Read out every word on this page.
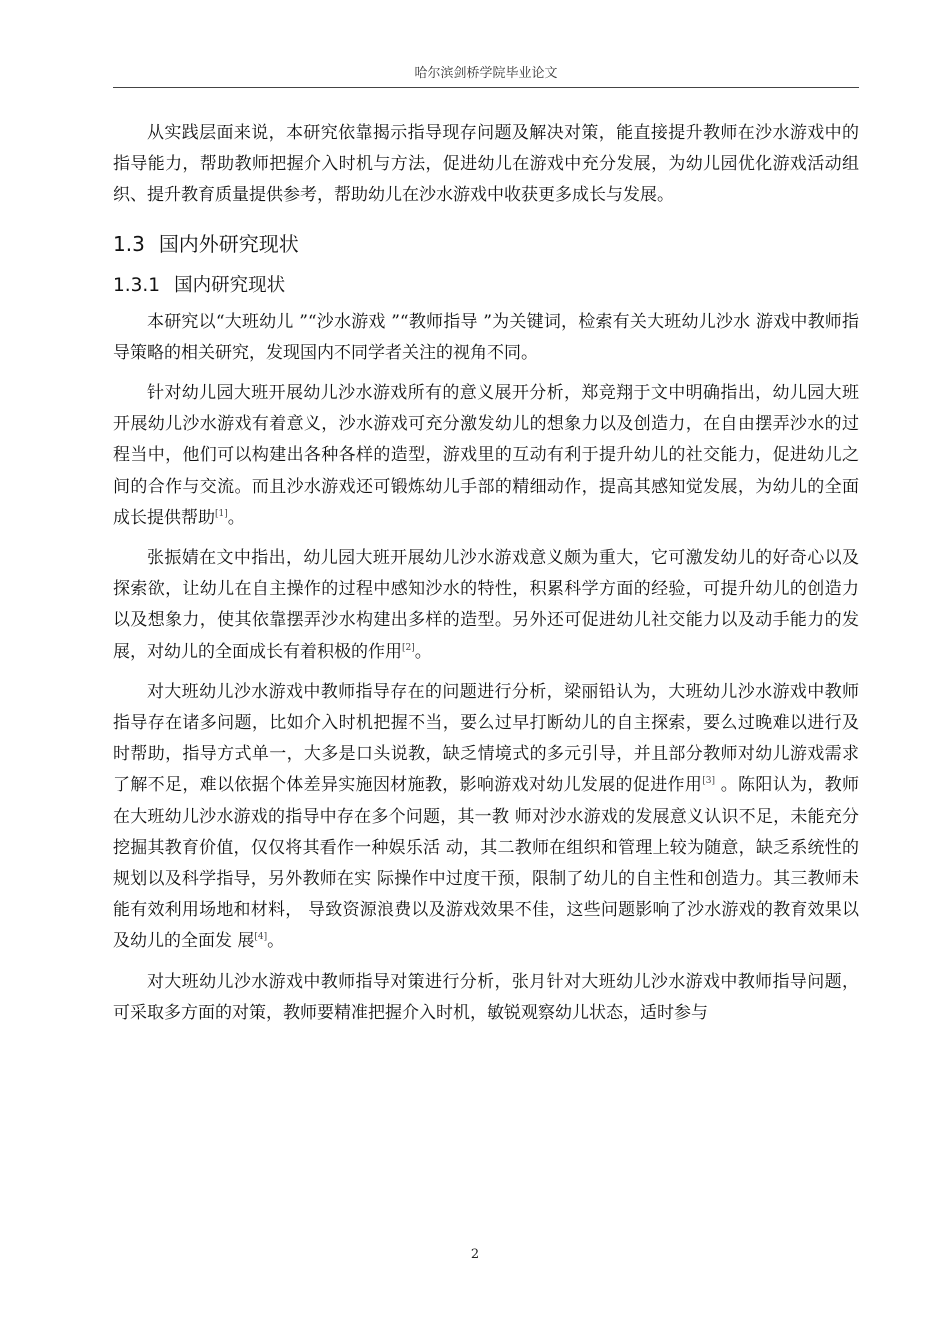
哈尔滨剑桥学院毕业论文

从实践层面来说，本研究依靠揭示指导现存问题及解决对策，能直接提升教师在沙水游戏中的指导能力，帮助教师把握介入时机与方法，促进幼儿在游戏中充分发展，为幼儿园优化游戏活动组织、提升教育质量提供参考，帮助幼儿在沙水游戏中收获更多成长与发展。

1.3 国内外研究现状
1.3.1 国内研究现状

本研究以“大班幼儿 ”“沙水游戏 ”“教师指导 ”为关键词，检索有关大班幼儿沙水 游戏中教师指导策略的相关研究，发现国内不同学者关注的视角不同。

针对幼儿园大班开展幼儿沙水游戏所有的意义展开分析，郑竞翔于文中明确指出，幼儿园大班开展幼儿沙水游戏有着意义，沙水游戏可充分激发幼儿的想象力以及创造力，在自由摆弄沙水的过程当中，他们可以构建出各种各样的造型，游戏里的互动有利于提升幼儿的社交能力，促进幼儿之间的合作与交流。而且沙水游戏还可锻炼幼儿手部的精细动作，提高其感知觉发展，为幼儿的全面成长提供帮助[1]。

张振婧在文中指出，幼儿园大班开展幼儿沙水游戏意义颇为重大，它可激发幼儿的好奇心以及探索欲，让幼儿在自主操作的过程中感知沙水的特性，积累科学方面的经验，可提升幼儿的创造力以及想象力，使其依靠摆弄沙水构建出多样的造型。另外还可促进幼儿社交能力以及动手能力的发展，对幼儿的全面成长有着积极的作用[2]。

对大班幼儿沙水游戏中教师指导存在的问题进行分析，梁丽铅认为，大班幼儿沙水游戏中教师指导存在诸多问题，比如介入时机把握不当，要么过早打断幼儿的自主探索，要么过晚难以进行及时帮助，指导方式单一，大多是口头说教，缺乏情境式的多元引导，并且部分教师对幼儿游戏需求了解不足，难以依据个体差异实施因材施教，影响游戏对幼儿发展的促进作用[3] 。陈阳认为，教师在大班幼儿沙水游戏的指导中存在多个问题，其一教 师对沙水游戏的发展意义认识不足，未能充分挖掘其教育价值，仅仅将其看作一种娱乐活 动，其二教师在组织和管理上较为随意，缺乏系统性的规划以及科学指导，另外教师在实 际操作中过度干预，限制了幼儿的自主性和创造力。其三教师未能有效利用场地和材料， 导致资源浪费以及游戏效果不佳，这些问题影响了沙水游戏的教育效果以及幼儿的全面发 展[4]。

对大班幼儿沙水游戏中教师指导对策进行分析，张月针对大班幼儿沙水游戏中教师指导问题，可采取多方面的对策，教师要精准把握介入时机，敏锐观察幼儿状态，适时参与

2
